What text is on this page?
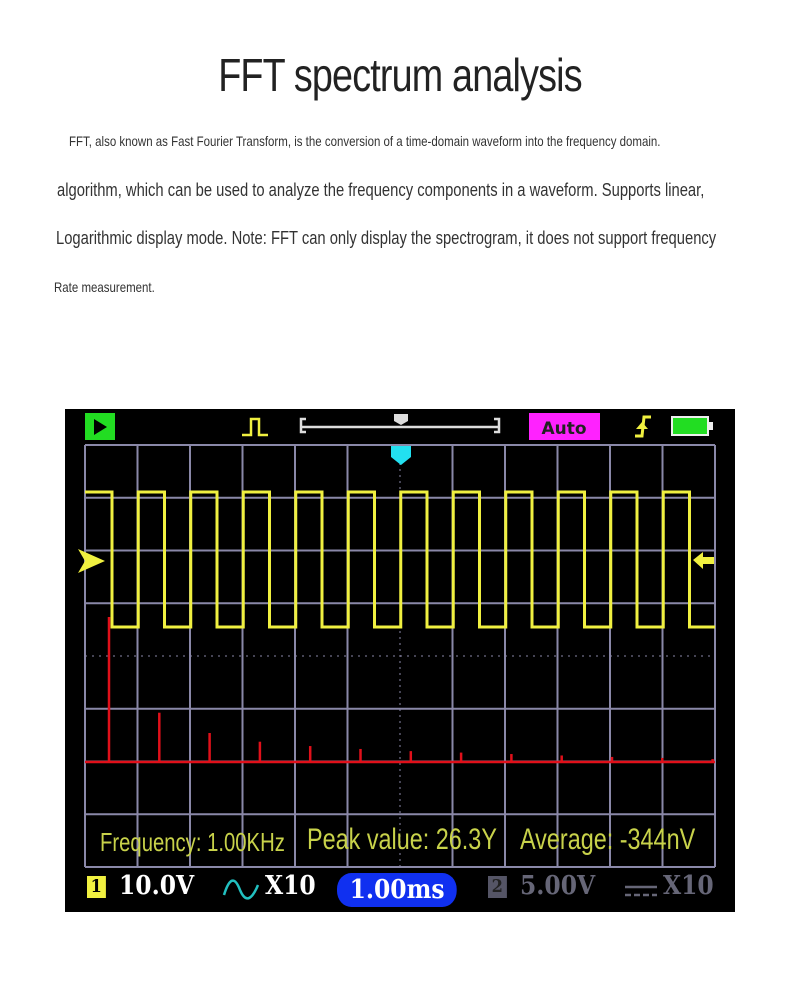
FFT spectrum analysis
FFT, also known as Fast Fourier Transform, is the conversion of a time-domain waveform into the frequency domain.
algorithm, which can be used to analyze the frequency components in a waveform. Supports linear,
Logarithmic display mode. Note: FFT can only display the spectrogram, it does not support frequency
Rate measurement.
Auto
Frequency: 1.00KHz Peak value: 26.3Y Average: -344nV
1 10.0V	X10	1.00ms	2 5.00V	X10
